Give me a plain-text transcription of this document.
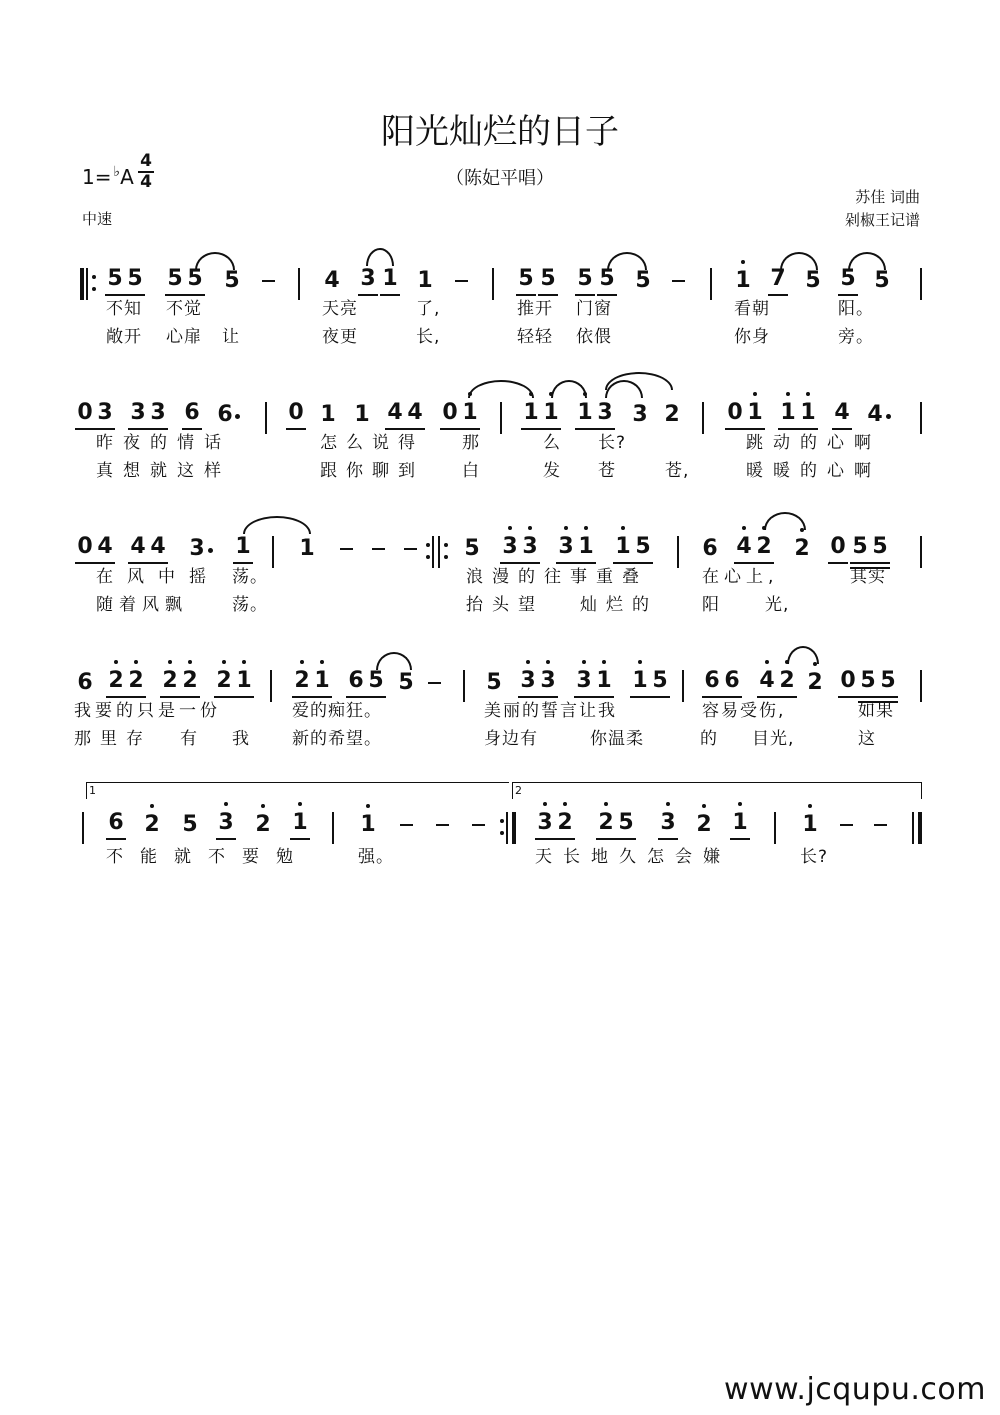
阳光灿烂的日子
（陈妃平唱）
$1= ^♭A \frac{4}{4}$
中速
苏佳 词曲
剁椒王记谱
5 5 5 5 5	4 3 1 1	5 5 5 5 5	1 7 5 5 5
不知 不觉	天亮	了,	推开 门窗	看朝	阳。
敞开 心扉 让	夜更	长,	轻轻 依偎	你身	旁。
0 3 3 3 6 6	0 1 1 4 4 0 1 1 1 1 3 3 2 0 1 1 1 4 4
昨夜的情话	怎么说得 那	么 长?	跳动的心啊
真想就这样	跟你聊到 白	发 苍	苍,	暖暖的心啊
0 4 4 4 3 1 1	5 3 3 3 1 1 5 6 4 2 2 0 5 5
在风中摇 荡。	浪漫的往事重叠	在心上,	其实
随着风飘	荡。	抬头望 灿烂的	阳	光,
6 2 2 2 2 2 1 2 1 6 5 5	5 3 3 3 1 1 5 6 6 4 2 2 0 5 5
我要的只是一份	爱的痴狂。	美丽的誓言让我	容易受伤,	如果
那里存 有 我 新的希望。	身边有	你温柔	的 目光,	这
1	2
6 2 5 3 2 1 1	3 2 2 5 3 2 1 1
不能就不要勉	强。	天长地久怎会嫌	长?
www.jcqupu.com
